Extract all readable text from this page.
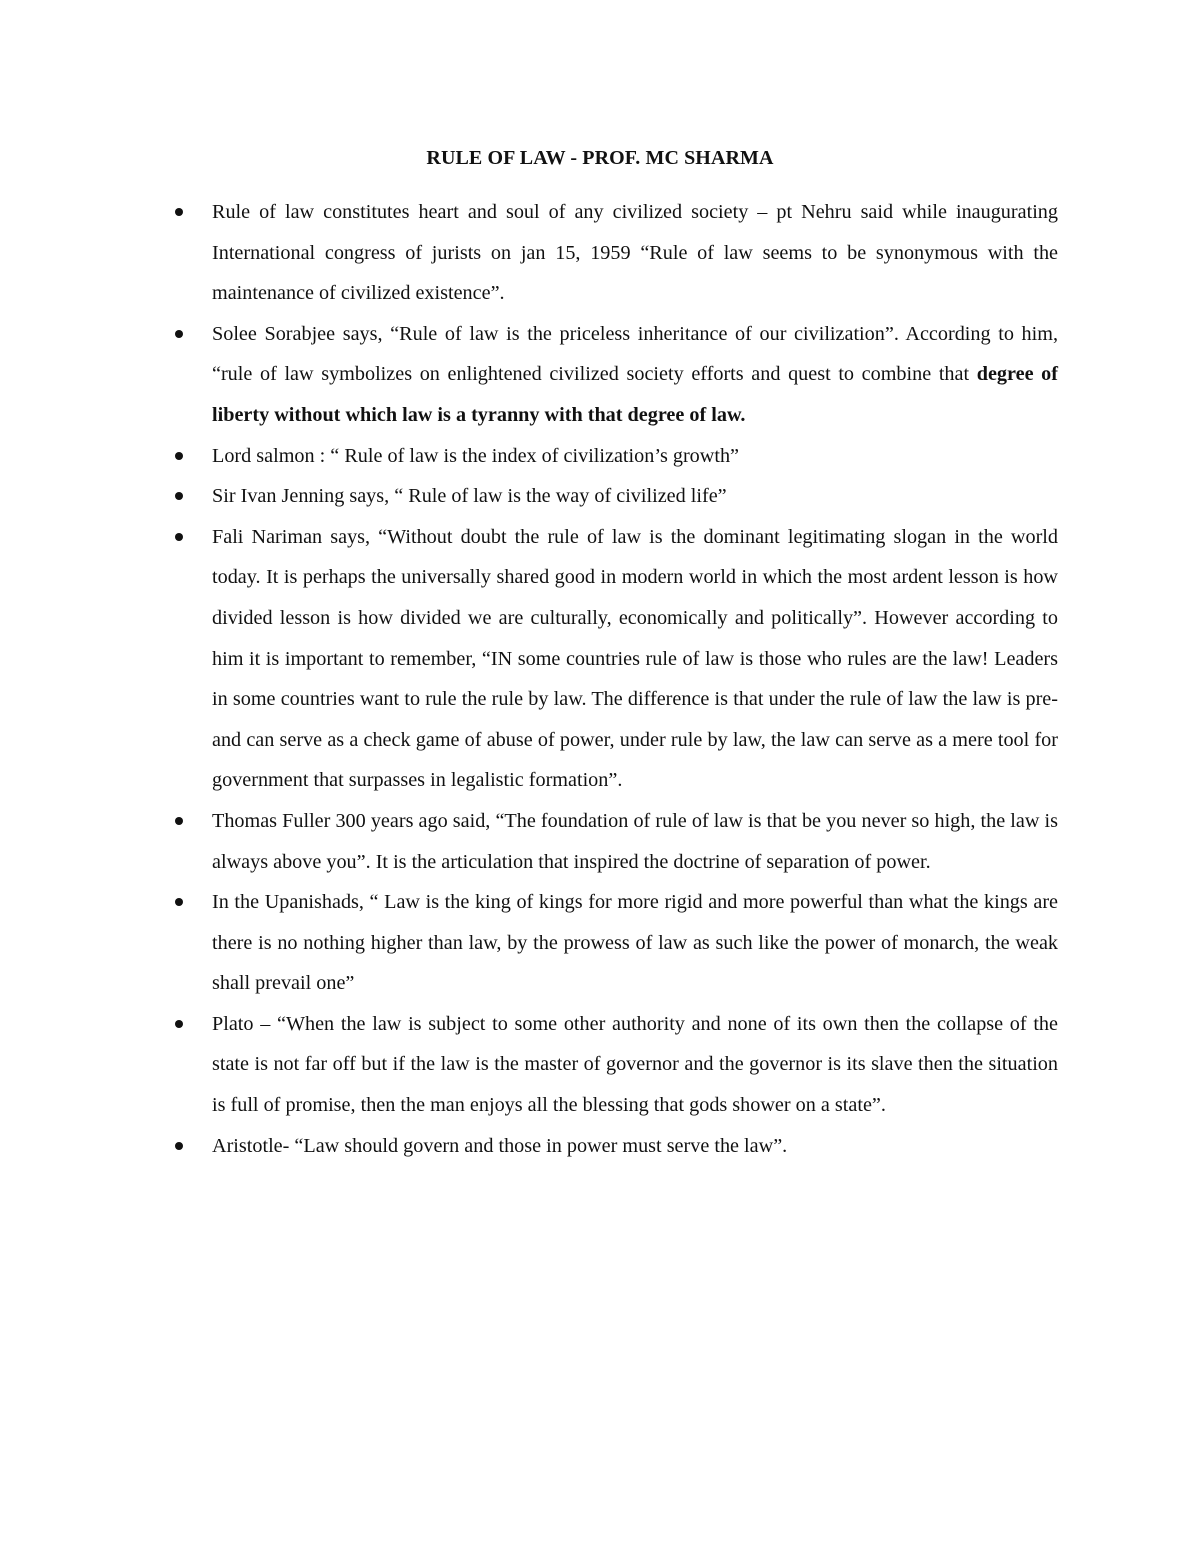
RULE OF LAW - PROF. MC SHARMA
Rule of law constitutes heart and soul of any civilized society – pt Nehru said while inaugurating International congress of jurists on jan 15, 1959 “Rule of law seems to be synonymous with the maintenance of civilized existence”.
Solee Sorabjee says, “Rule of law is the priceless inheritance of our civilization”. According to him, “rule of law symbolizes on enlightened civilized society efforts and quest to combine that degree of liberty without which law is a tyranny with that degree of law.
Lord salmon : “ Rule of law is the index of civilization’s growth”
Sir Ivan Jenning says, “ Rule of law is the way of civilized life”
Fali Nariman says, “Without doubt the rule of law is the dominant legitimating slogan in the world today. It is perhaps the universally shared good in modern world in which the most ardent lesson is how divided lesson is how divided we are culturally, economically and politically”. However according to him it is important to remember, “IN some countries rule of law is those who rules are the law! Leaders in some countries want to rule the rule by law. The difference is that under the rule of law the law is pre- and can serve as a check game of abuse of power, under rule by law, the law can serve as a mere tool for government that surpasses in legalistic formation”.
Thomas Fuller 300 years ago said, “The foundation of rule of law is that be you never so high, the law is always above you”. It is the articulation that inspired the doctrine of separation of power.
In the Upanishads, “ Law is the king of kings for more rigid and more powerful than what the kings are there is no nothing higher than law, by the prowess of law as such like the power of monarch, the weak shall prevail one”
Plato – “When the law is subject to some other authority and none of its own then the collapse of the state is not far off but if the law is the master of governor and the governor is its slave then the situation is full of promise, then the man enjoys all the blessing that gods shower on a state”.
Aristotle- “Law should govern and those in power must serve the law”.
